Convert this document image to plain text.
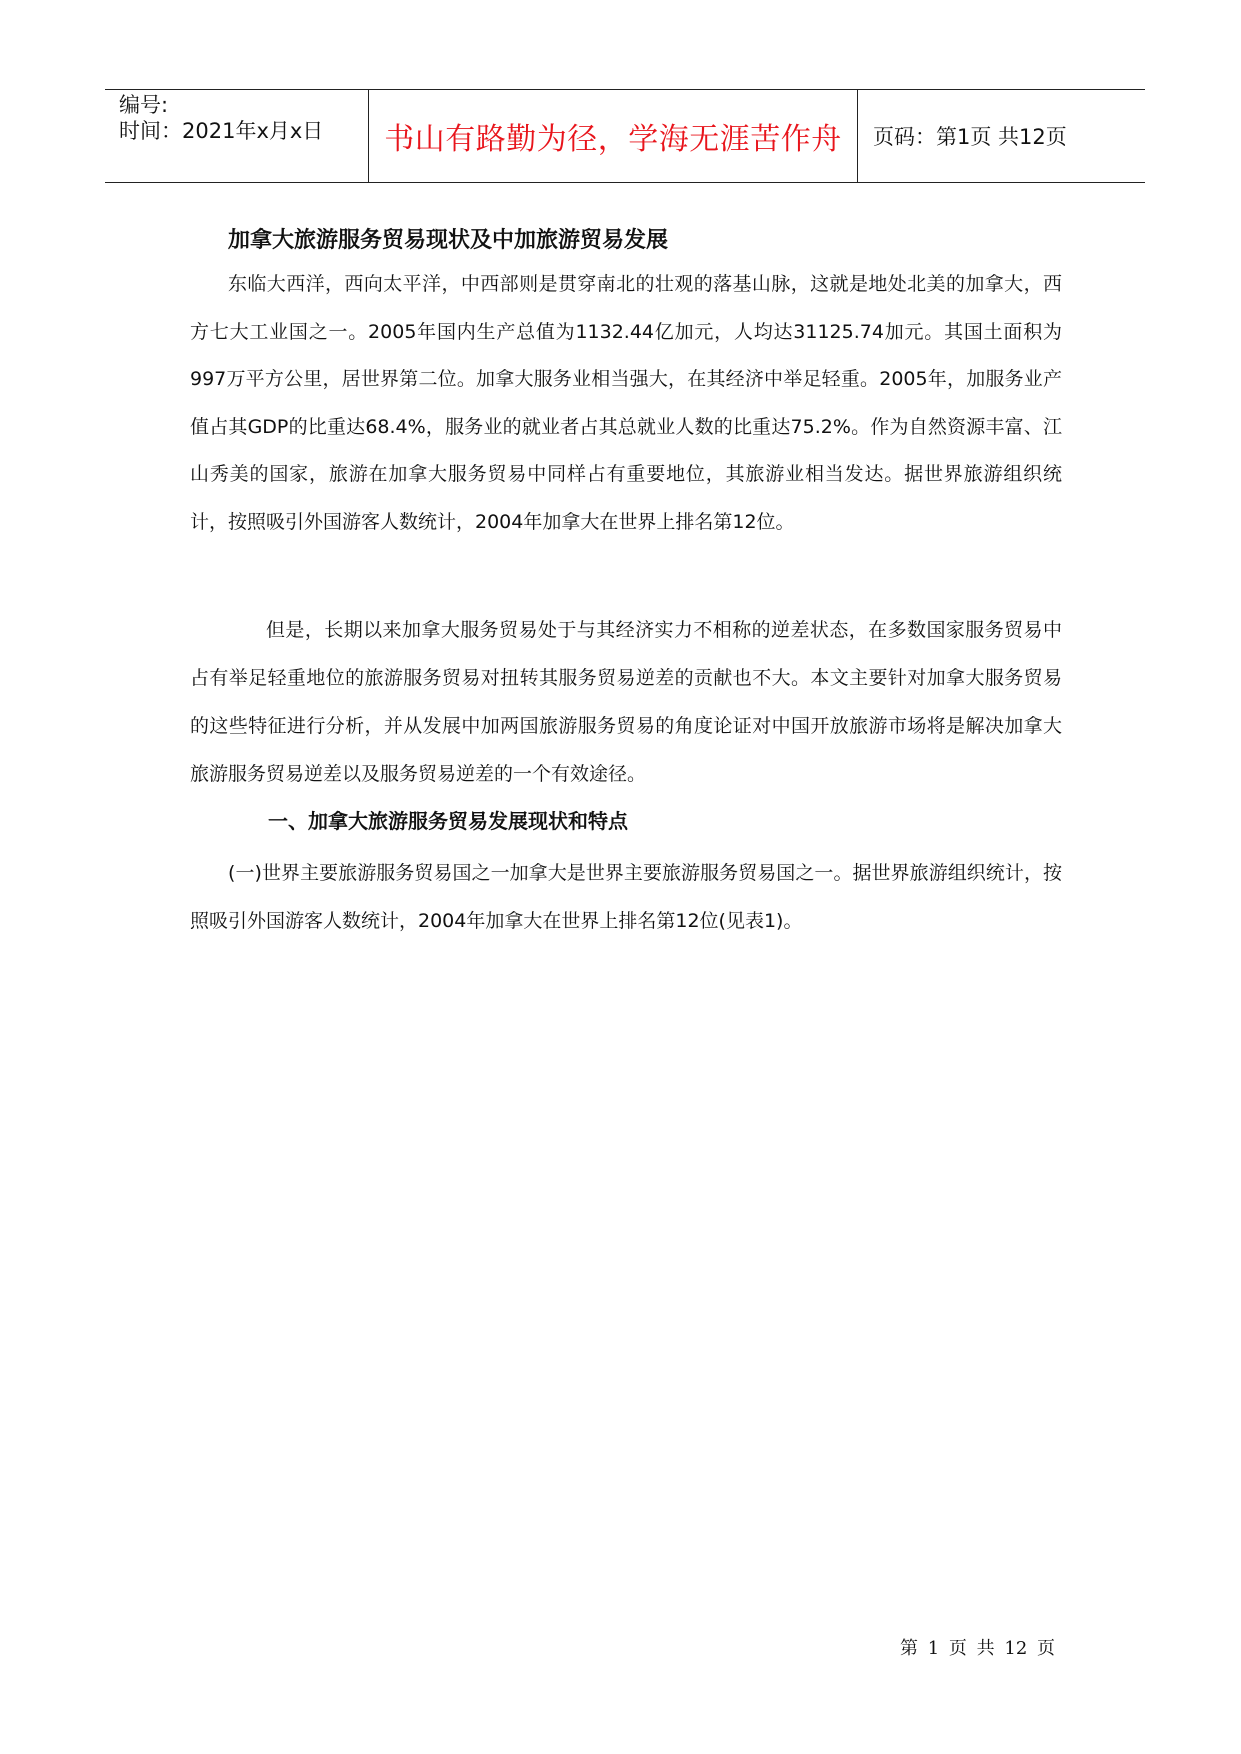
编号:
时间：2021年x月x日 书山有路勤为径，学海无涯苦作舟 页码：第1页 共12页
加拿大旅游服务贸易现状及中加旅游贸易发展

东临大西洋，西向太平洋，中西部则是贯穿南北的壮观的落基山脉，这就是地处北美的加拿大，西方七大工业国之一。2005年国内生产总值为1132.44亿加元，人均达31125.74加元。其国土面积为997万平方公里，居世界第二位。加拿大服务业相当强大，在其经济中举足轻重。2005年，加服务业产值占其GDP的比重达68.4%，服务业的就业者占其总就业人数的比重达75.2%。作为自然资源丰富、江山秀美的国家，旅游在加拿大服务贸易中同样占有重要地位，其旅游业相当发达。据世界旅游组织统计，按照吸引外国游客人数统计，2004年加拿大在世界上排名第12位。

但是，长期以来加拿大服务贸易处于与其经济实力不相称的逆差状态，在多数国家服务贸易中占有举足轻重地位的旅游服务贸易对扭转其服务贸易逆差的贡献也不大。本文主要针对加拿大服务贸易的这些特征进行分析，并从发展中加两国旅游服务贸易的角度论证对中国开放旅游市场将是解决加拿大旅游服务贸易逆差以及服务贸易逆差的一个有效途径。

一、加拿大旅游服务贸易发展现状和特点

(一)世界主要旅游服务贸易国之一加拿大是世界主要旅游服务贸易国之一。据世界旅游组织统计，按照吸引外国游客人数统计，2004年加拿大在世界上排名第12位(见表1)。

第 1 页 共 12 页
